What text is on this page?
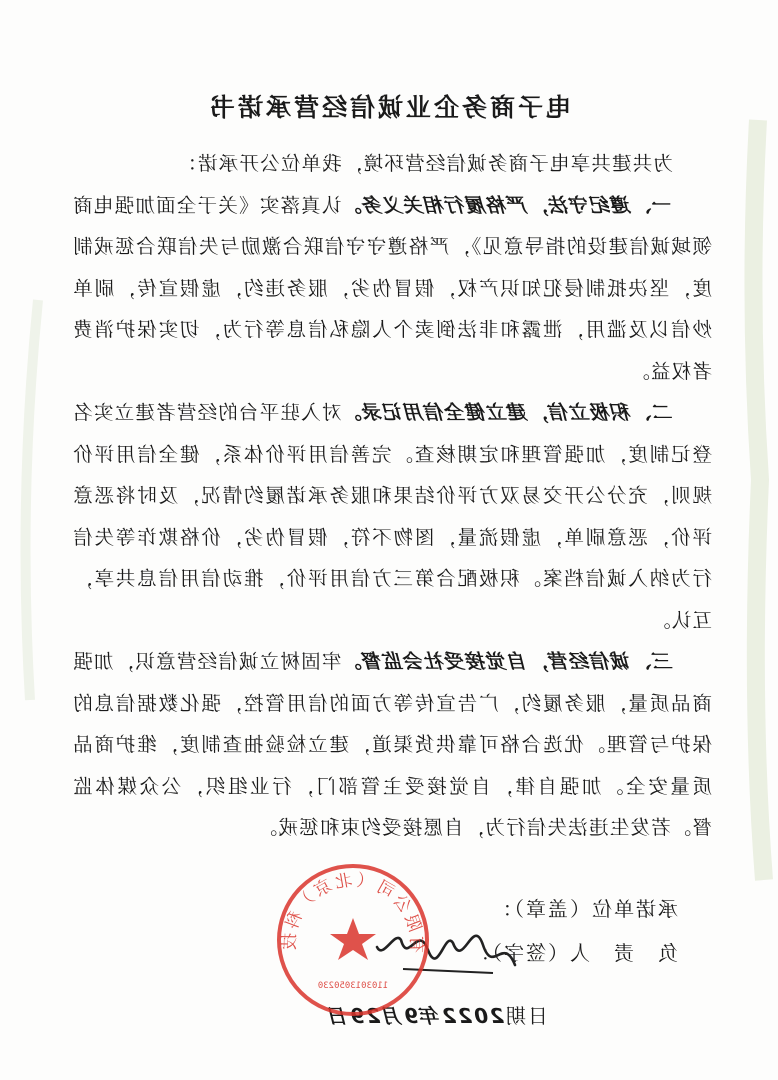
电子商务企业诚信经营承诺书

为共建共享电子商务诚信经营环境，我单位公开承诺：

一、遵纪守法，严格履行相关义务。认真落实《关于全面加强电商领域诚信建设的指导意见》，严格遵守守信联合激励与失信联合惩戒制度，坚决抵制侵犯知识产权，假冒伪劣，服务违约，虚假宣传，刷单炒信以及滥用，泄露和非法倒卖个人隐私信息等行为，切实保护消费者权益。

二、积极立信，建立健全信用记录。对入驻平台的经营者建立实名登记制度，加强管理和定期核查。完善信用评价体系，健全信用评价规则，充分公开交易双方评价结果和服务承诺履约情况，及时将恶意评价，恶意刷单，虚假流量，图物不符，假冒伪劣，价格欺诈等失信行为纳入诚信档案。积极配合第三方信用评价，推动信用信息共享，互认。

三、诚信经营，自觉接受社会监督。牢固树立诚信经营意识，加强商品质量，服务履约，广告宣传等方面的信用管控，强化数据信息的保护与管理。优选合格可靠供货渠道，建立检验抽查制度，维护商品质量安全。加强自律，自觉接受主管部门，行业组织，公众媒体监督。若发生违法失信行为，自愿接受约束和惩戒。

承诺单位（盖章）：
负　责　人（签字）：
日期2022年9月29日
有限公司（北京）科技
1103013050230
